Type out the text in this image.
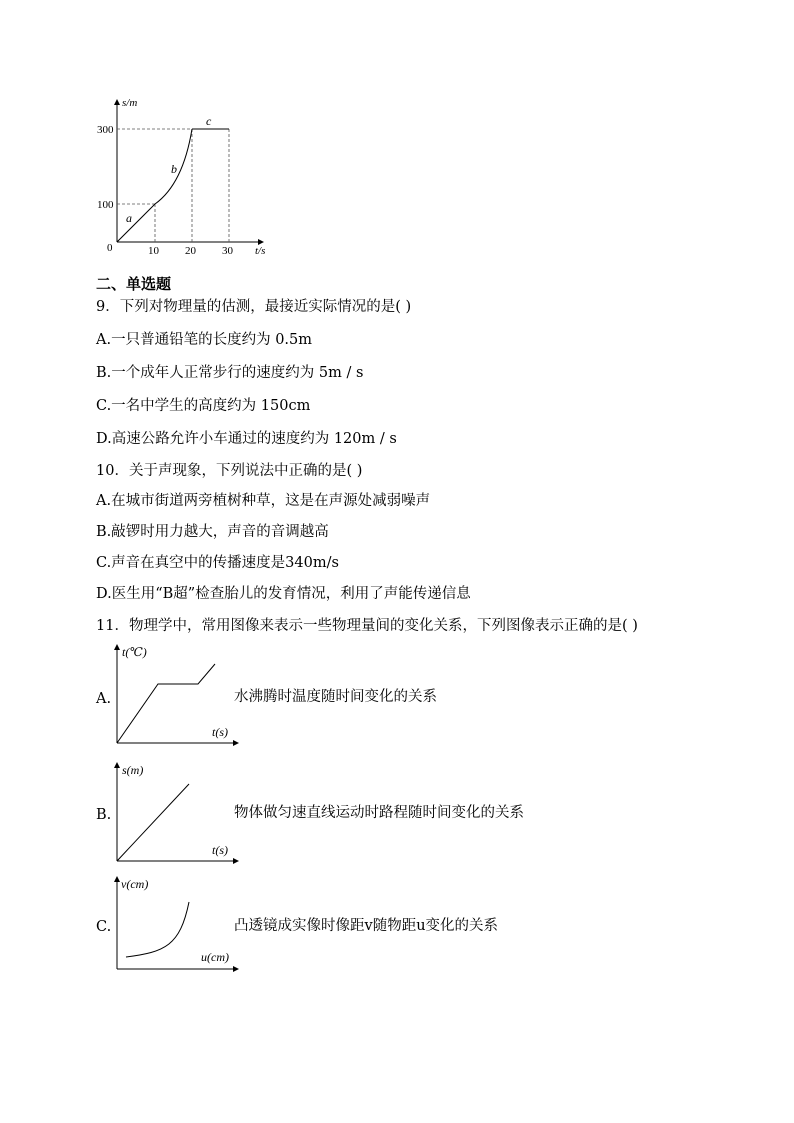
s/m
t/s
300
100
0	10 20 30
a
b
c
二、单选题
9．下列对物理量的估测，最接近实际情况的是( )
A.一只普通铅笔的长度约为 0.5m
B.一个成年人正常步行的速度约为 5m / s
C.一名中学生的高度约为 150cm
D.高速公路允许小车通过的速度约为 120m / s
10．关于声现象，下列说法中正确的是( )
A.在城市街道两旁植树种草，这是在声源处减弱噪声
B.敲锣时用力越大，声音的音调越高
C.声音在真空中的传播速度是340m/s
D.医生用“B超”检查胎儿的发育情况，利用了声能传递信息
11．物理学中，常用图像来表示一些物理量间的变化关系，下列图像表示正确的是( )
A.
t(℃)
t(s)
水沸腾时温度随时间变化的关系
B.
s(m)
t(s)
物体做匀速直线运动时路程随时间变化的关系
C.
v(cm)
u(cm)
凸透镜成实像时像距v随物距u变化的关系
